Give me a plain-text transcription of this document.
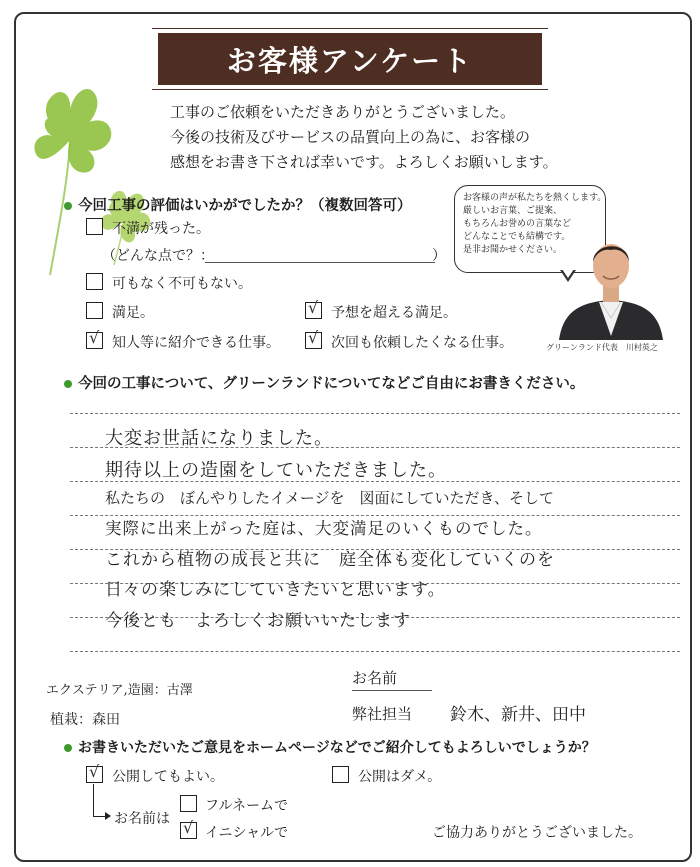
お客様アンケート
工事のご依頼をいただきありがとうございました。
今後の技術及びサービスの品質向上の為に、お客様の
感想をお書き下されば幸いです。よろしくお願いします。
今回工事の評価はいかがでしたか？（複数回答可）
不満が残った。
（どんな点で？：	）
可もなく不可もない。
満足。	√ 予想を超える満足。
√ 知人等に紹介できる仕事。 √ 次回も依頼したくなる仕事。
お客様の声が私たちを熱くします。
厳しいお言葉、ご提案、
もちろんお誉めの言葉など
どんなことでも結構です。
是非お聞かせください。
グリーンランド代表　川村英之
今回の工事について、グリーンランドについてなどご自由にお書きください。
大変お世話になりました。
期待以上の造園をしていただきました。
私たちの　ぼんやりしたイメージを　図面にしていただき、そして
実際に出来上がった庭は、大変満足のいくものでした。
これから植物の成長と共に　庭全体も変化していくのを
日々の楽しみにしていきたいと思います。
今後とも　よろしくお願いいたします
エクステリア,造園：古澤
植栽：森田
お名前
弊社担当 鈴木、新井、田中
お書きいただいたご意見をホームページなどでご紹介してもよろしいでしょうか？
√ 公開してもよい。	公開はダメ。
お名前は
フルネームで
√ イニシャルで	ご協力ありがとうございました。
